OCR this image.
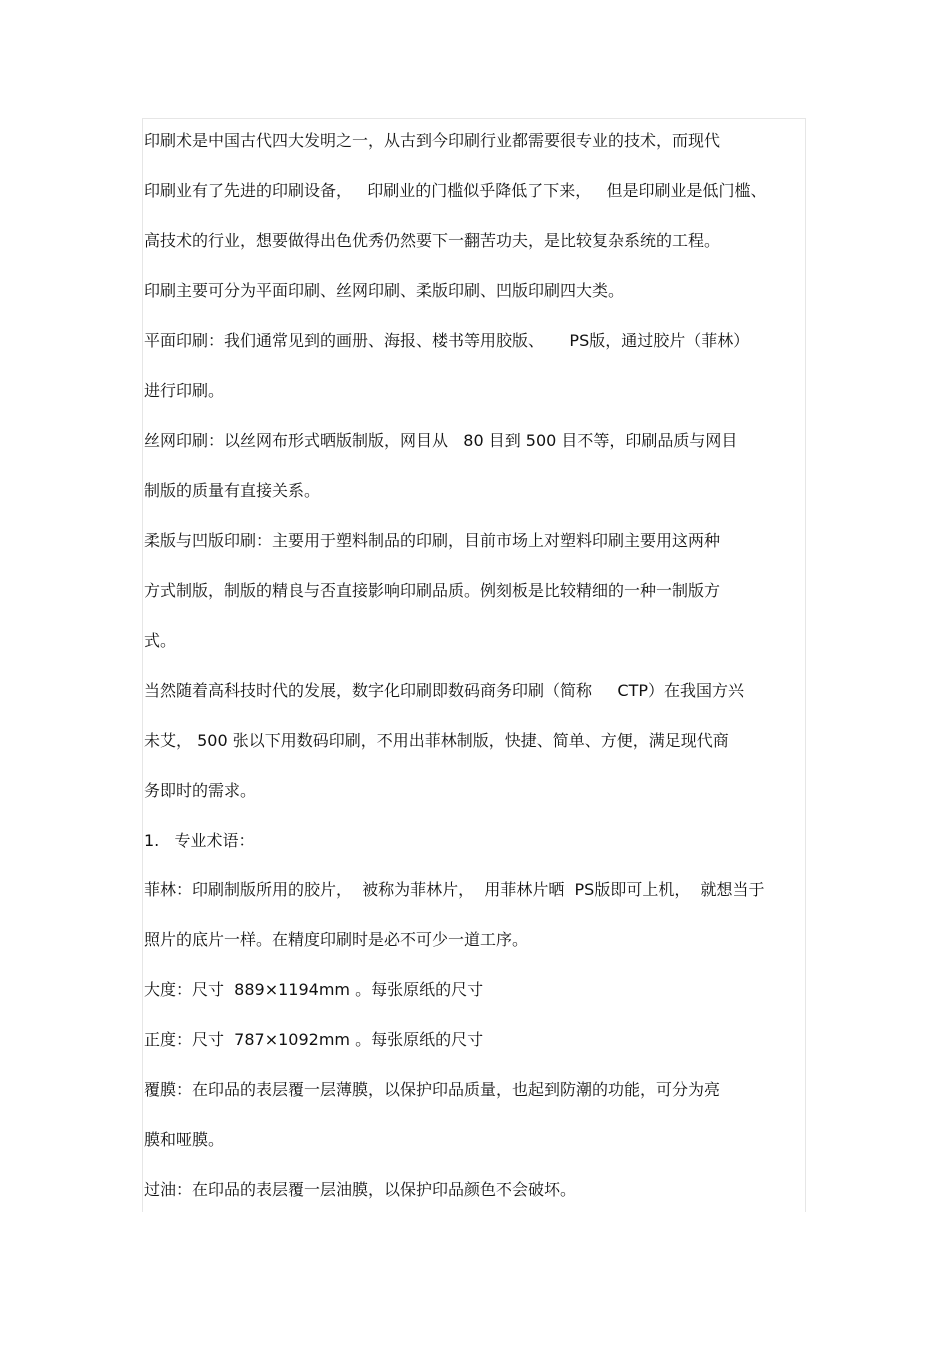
印刷术是中国古代四大发明之一，从古到今印刷行业都需要很专业的技术，而现代
印刷业有了先进的印刷设备，   印刷业的门槛似乎降低了下来，   但是印刷业是低门槛、
高技术的行业，想要做得出色优秀仍然要下一翻苦功夫，是比较复杂系统的工程。
印刷主要可分为平面印刷、丝网印刷、柔版印刷、凹版印刷四大类。
平面印刷：我们通常见到的画册、海报、楼书等用胶版、     PS版，通过胶片（菲林）
进行印刷。
丝网印刷：以丝网布形式晒版制版，网目从   80 目到 500 目不等，印刷品质与网目
制版的质量有直接关系。
柔版与凹版印刷：主要用于塑料制品的印刷，目前市场上对塑料印刷主要用这两种
方式制版，制版的精良与否直接影响印刷品质。例刻板是比较精细的一种一制版方
式。
当然随着高科技时代的发展，数字化印刷即数码商务印刷（简称     CTP）在我国方兴
未艾， 500 张以下用数码印刷，不用出菲林制版，快捷、简单、方便，满足现代商
务即时的需求。
1.   专业术语：
菲林：印刷制版所用的胶片，  被称为菲林片，  用菲林片晒  PS版即可上机，  就想当于
照片的底片一样。在精度印刷时是必不可少一道工序。
大度：尺寸  889×1194mm 。每张原纸的尺寸
正度：尺寸  787×1092mm 。每张原纸的尺寸
覆膜：在印品的表层覆一层薄膜，以保护印品质量，也起到防潮的功能，可分为亮
膜和哑膜。
过油：在印品的表层覆一层油膜，以保护印品颜色不会破坏。
